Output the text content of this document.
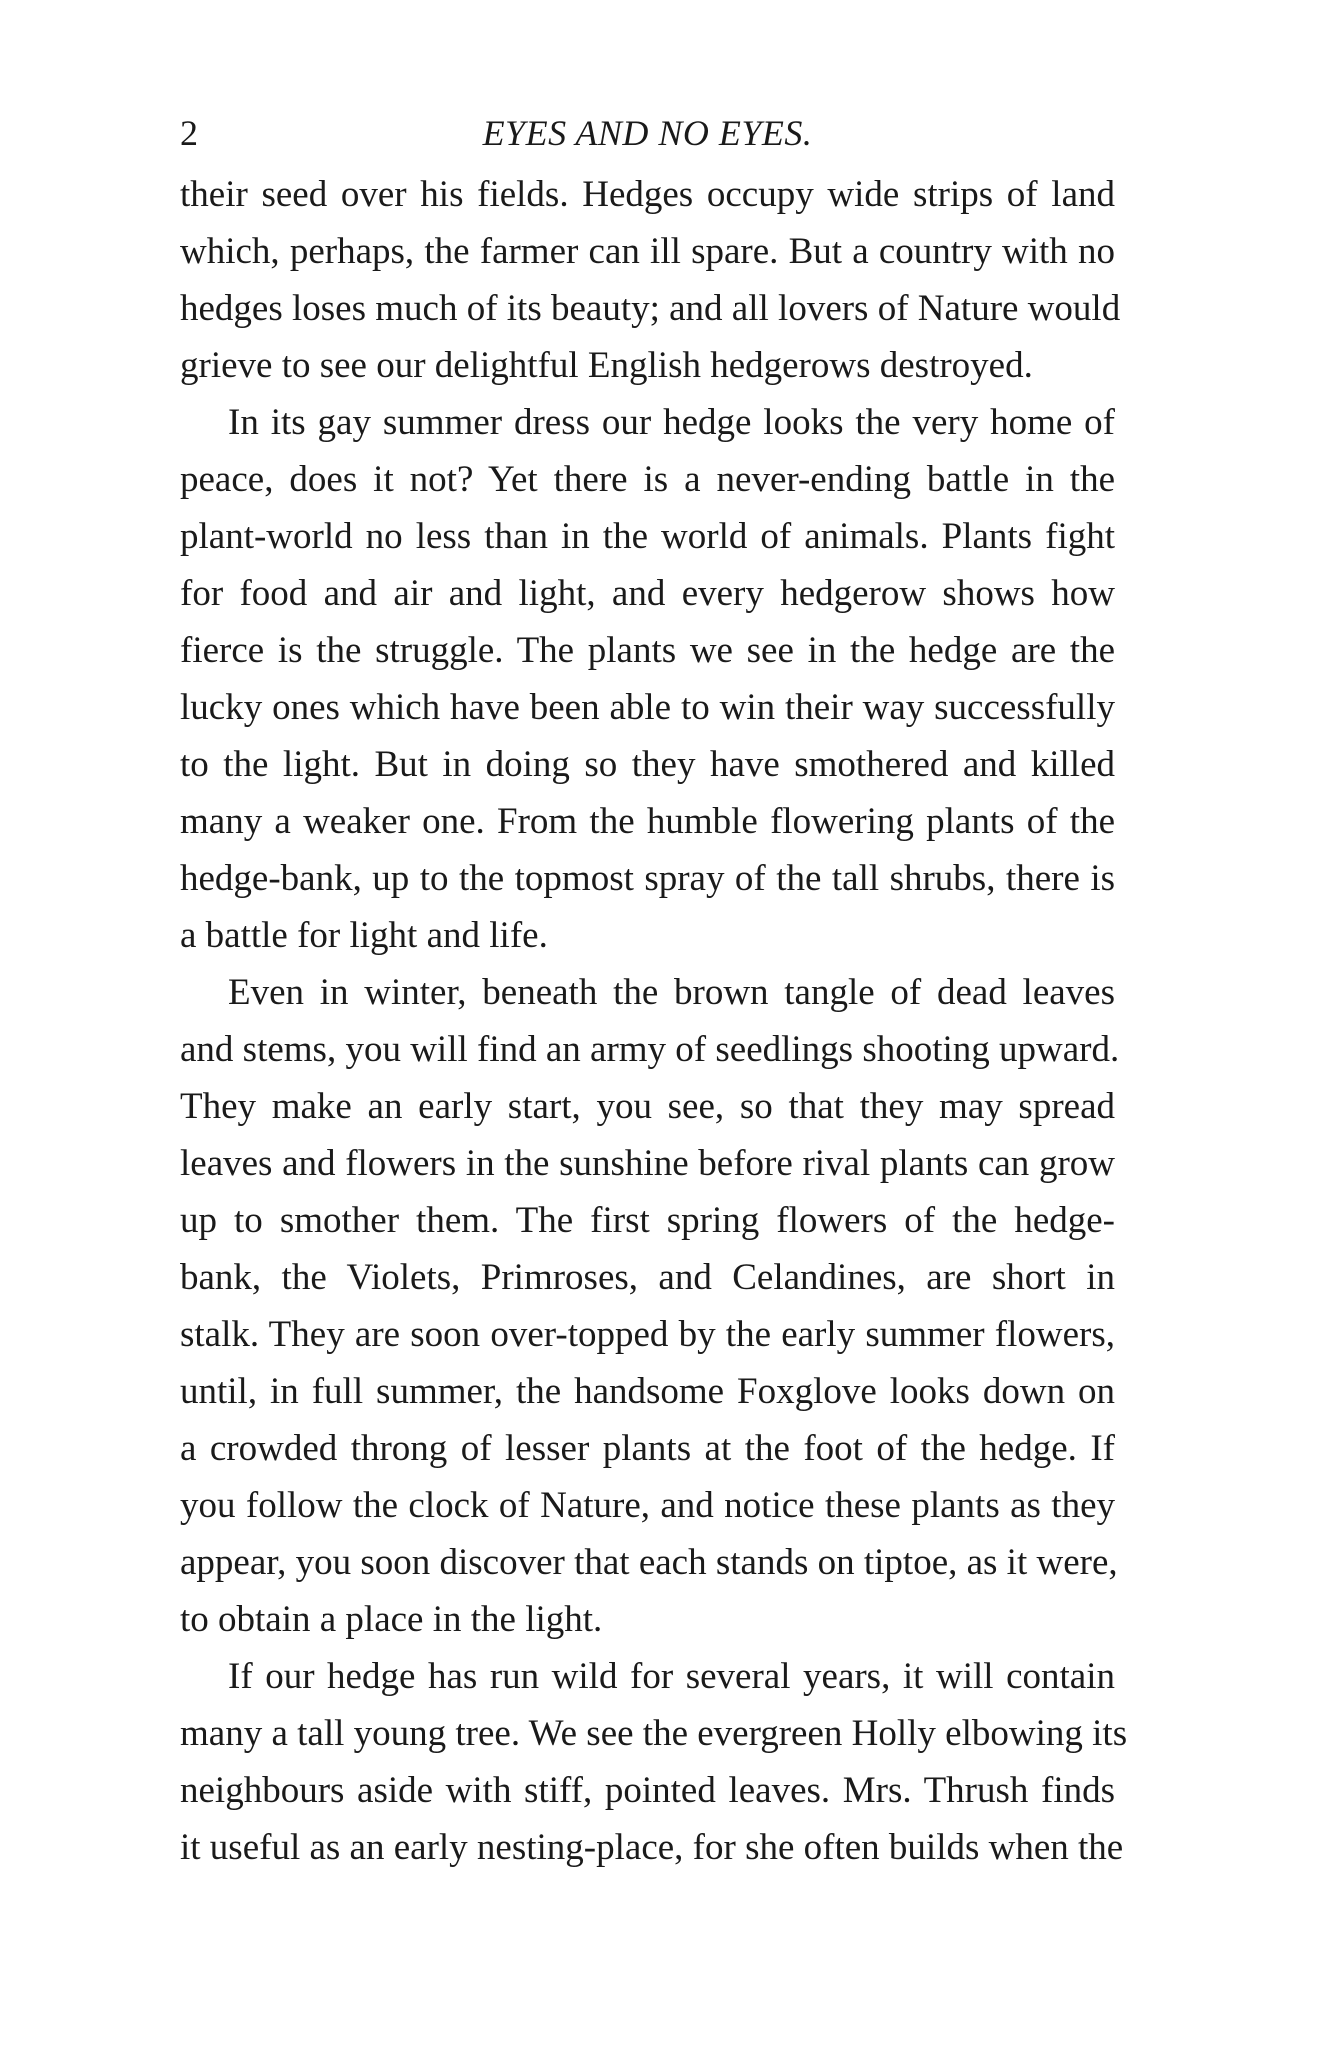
2	EYES AND NO EYES.
their seed over his fields. Hedges occupy wide strips of land
which, perhaps, the farmer can ill spare. But a country with no
hedges loses much of its beauty; and all lovers of Nature would
grieve to see our delightful English hedgerows destroyed.
In its gay summer dress our hedge looks the very home of
peace, does it not? Yet there is a never-ending battle in the
plant-world no less than in the world of animals. Plants fight
for food and air and light, and every hedgerow shows how
fierce is the struggle. The plants we see in the hedge are the
lucky ones which have been able to win their way successfully
to the light. But in doing so they have smothered and killed
many a weaker one. From the humble flowering plants of the
hedge-bank, up to the topmost spray of the tall shrubs, there is
a battle for light and life.
Even in winter, beneath the brown tangle of dead leaves
and stems, you will find an army of seedlings shooting upward.
They make an early start, you see, so that they may spread
leaves and flowers in the sunshine before rival plants can grow
up to smother them. The first spring flowers of the hedge-
bank, the Violets, Primroses, and Celandines, are short in
stalk. They are soon over-topped by the early summer flowers,
until, in full summer, the handsome Foxglove looks down on
a crowded throng of lesser plants at the foot of the hedge. If
you follow the clock of Nature, and notice these plants as they
appear, you soon discover that each stands on tiptoe, as it were,
to obtain a place in the light.
If our hedge has run wild for several years, it will contain
many a tall young tree. We see the evergreen Holly elbowing its
neighbours aside with stiff, pointed leaves. Mrs. Thrush finds
it useful as an early nesting-place, for she often builds when the
